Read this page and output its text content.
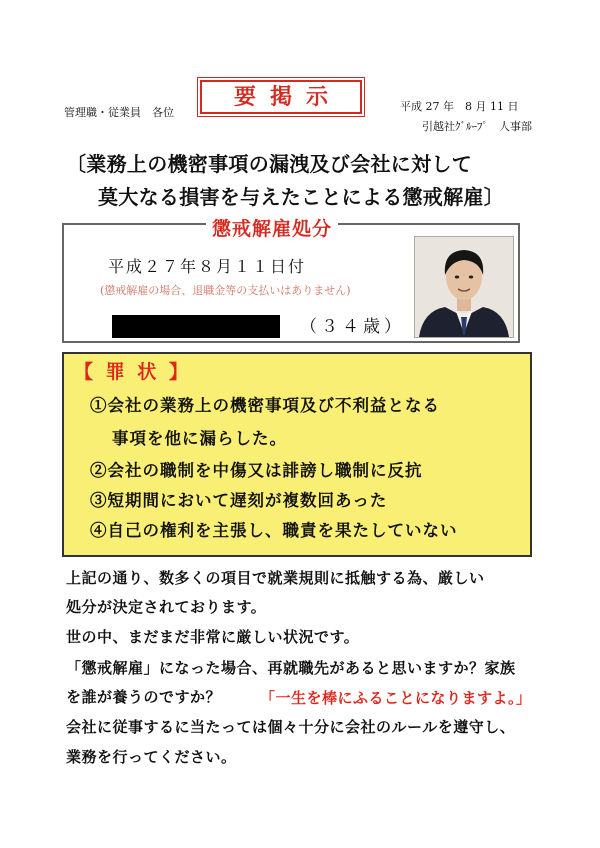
管理職・従業員　各位
要掲示	平成 27 年　8 月 11 日
引越社ｸﾞﾙｰﾌﾟ　人事部
〔業務上の機密事項の漏洩及び会社に対して
莫大なる損害を与えたことによる懲戒解雇〕
懲戒解雇処分
平成２７年８月１１日付
(懲戒解雇の場合、退職金等の支払いはありません)
（３４歳）
【 罪 状 】
①会社の業務上の機密事項及び不利益となる
事項を他に漏らした。
②会社の職制を中傷又は誹謗し職制に反抗
③短期間において遅刻が複数回あった
④自己の権利を主張し、職責を果たしていない
上記の通り、数多くの項目で就業規則に抵触する為、厳しい
処分が決定されております。
世の中、まだまだ非常に厳しい状況です。
「懲戒解雇」になった場合、再就職先があると思いますか？家族
を誰が養うのですか？	「一生を棒にふることになりますよ。」
会社に従事するに当たっては個々十分に会社のルールを遵守し、
業務を行ってください。
